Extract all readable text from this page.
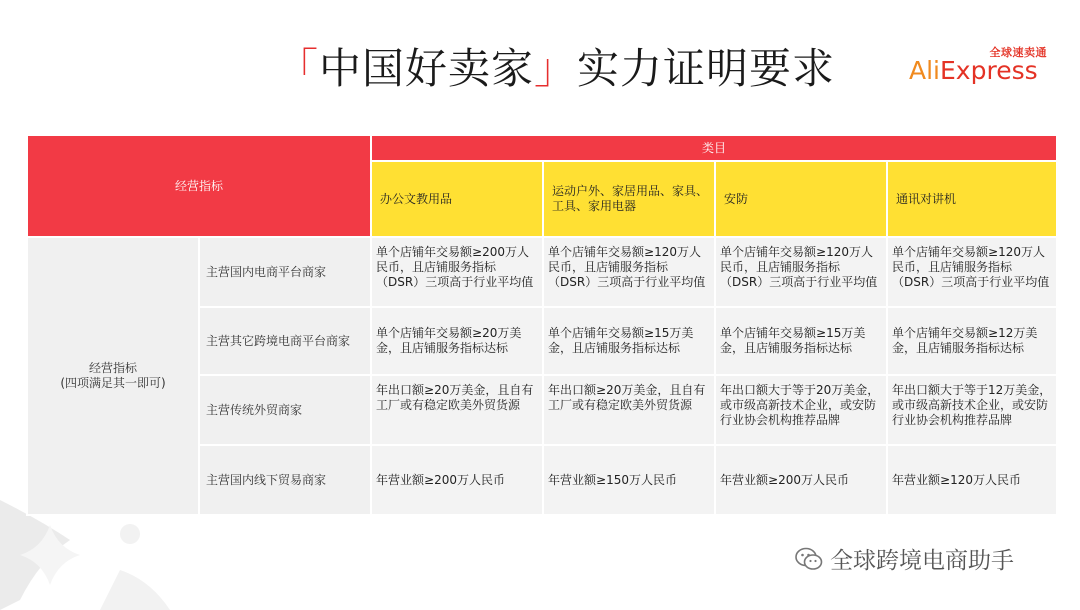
「中国好卖家」实力证明要求	全球速卖通
AliExpress
经营指标		类目			
		办公文教用品	运动户外、家居用品、家具、工具、家用电器	安防	通讯对讲机

经营指标
(四项满足其一即可)	主营国内电商平台商家	单个店铺年交易额≥200万人民币，且店铺服务指标（DSR）三项高于行业平均值	单个店铺年交易额≥120万人民币，且店铺服务指标（DSR）三项高于行业平均值	单个店铺年交易额≥120万人民币，且店铺服务指标（DSR）三项高于行业平均值	单个店铺年交易额≥120万人民币，且店铺服务指标（DSR）三项高于行业平均值
	主营其它跨境电商平台商家	单个店铺年交易额≥20万美金，且店铺服务指标达标	单个店铺年交易额≥15万美金，且店铺服务指标达标	单个店铺年交易额≥15万美金，且店铺服务指标达标	单个店铺年交易额≥12万美金，且店铺服务指标达标
	主营传统外贸商家	年出口额≥20万美金，且自有工厂或有稳定欧美外贸货源	年出口额≥20万美金，且自有工厂或有稳定欧美外贸货源	年出口额大于等于20万美金，或市级高新技术企业，或安防行业协会机构推荐品牌	年出口额大于等于12万美金，或市级高新技术企业，或安防行业协会机构推荐品牌
	主营国内线下贸易商家	年营业额≥200万人民币	年营业额≥150万人民币	年营业额≥200万人民币	年营业额≥120万人民币
全球跨境电商助手
